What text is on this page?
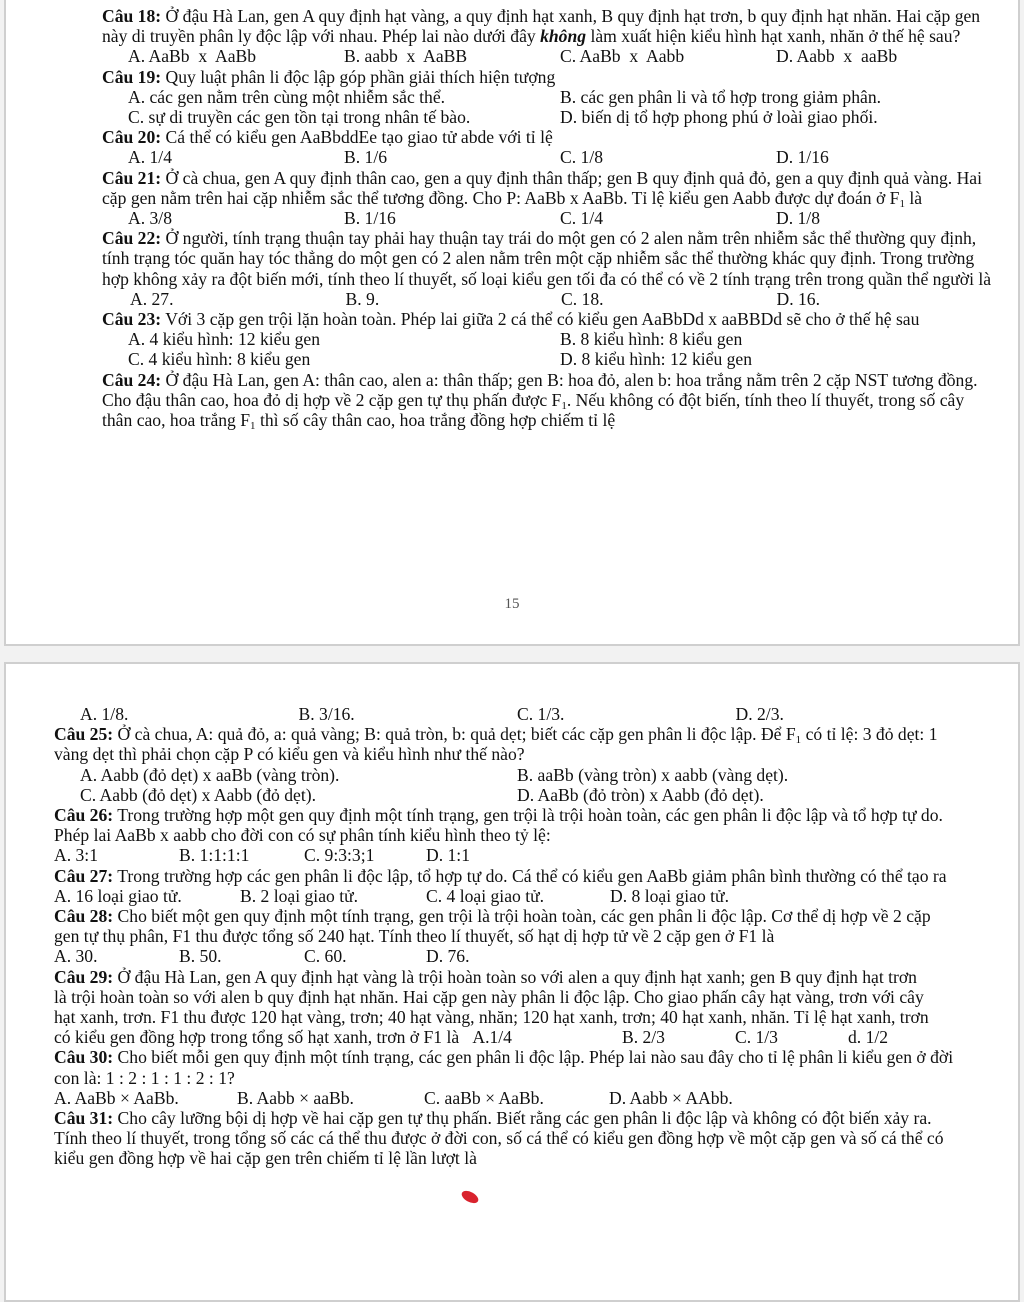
Câu 18: Ở đậu Hà Lan, gen A quy định hạt vàng, a quy định hạt xanh, B quy định hạt trơn, b quy định hạt nhăn. Hai cặp gen này di truyền phân ly độc lập với nhau. Phép lai nào dưới đây không làm xuất hiện kiểu hình hạt xanh, nhăn ở thế hệ sau?

A. AaBb  x  AaBb	B. aabb  x  AaBB	C. AaBb  x  Aabb	D. Aabb  x  aaBb

Câu 19: Quy luật phân li độc lập góp phần giải thích hiện tượng

A. các gen nằm trên cùng một nhiễm sắc thể.	B. các gen phân li và tổ hợp trong giảm phân.
C. sự di truyền các gen tồn tại trong nhân tế bào.	D. biến dị tổ hợp phong phú ở loài giao phối.

Câu 20: Cá thể có kiểu gen AaBbddEe tạo giao tử abde với tỉ lệ

A. 1/4	B. 1/6	C. 1/8	D. 1/16

Câu 21: Ở cà chua, gen A quy định thân cao, gen a quy định thân thấp; gen B quy định quả đỏ, gen a quy định quả vàng. Hai cặp gen nằm trên hai cặp nhiễm sắc thể tương đồng. Cho P: AaBb x AaBb. Tỉ lệ kiểu gen Aabb được dự đoán ở $F_1$ là

A. 3/8	B. 1/16	C. 1/4	D. 1/8

Câu 22: Ở người, tính trạng thuận tay phải hay thuận tay trái do một gen có 2 alen nằm trên nhiễm sắc thể thường quy định, tính trạng tóc quăn hay tóc thẳng do một gen có 2 alen nằm trên một cặp nhiễm sắc thể thường khác quy định. Trong trường hợp không xảy ra đột biến mới, tính theo lí thuyết, số loại kiểu gen tối đa có thể có về 2 tính trạng trên trong quần thể người là

A. 27.	B. 9.	C. 18.	D. 16.

Câu 23: Với 3 cặp gen trội lặn hoàn toàn. Phép lai giữa 2 cá thể có kiểu gen AaBbDd x aaBBDd sẽ cho ở thế hệ sau

A. 4 kiểu hình: 12 kiểu gen	B. 8 kiểu hình: 8 kiểu gen
C. 4 kiểu hình: 8 kiểu gen	D. 8 kiểu hình: 12 kiểu gen

Câu 24: Ở đậu Hà Lan, gen A: thân cao, alen a: thân thấp; gen B: hoa đỏ, alen b: hoa trắng nằm trên 2 cặp NST tương đồng. Cho đậu thân cao, hoa đỏ dị hợp về 2 cặp gen tự thụ phấn được $F_1$. Nếu không có đột biến, tính theo lí thuyết, trong số cây thân cao, hoa trắng $F_1$ thì số cây thân cao, hoa trắng đồng hợp chiếm tỉ lệ

15
A. 1/8.	B. 3/16.	C. 1/3.	D. 2/3.

Câu 25: Ở cà chua, A: quả đỏ, a: quả vàng; B: quả tròn, b: quả dẹt; biết các cặp gen phân li độc lập. Để $F_1$ có tỉ lệ: 3 đỏ dẹt: 1 vàng dẹt thì phải chọn cặp P có kiểu gen và kiểu hình như thế nào?

A. Aabb (đỏ dẹt) x aaBb (vàng tròn).	B. aaBb (vàng tròn) x aabb (vàng dẹt).
C. Aabb (đỏ dẹt) x Aabb (đỏ dẹt).	D. AaBb (đỏ tròn) x Aabb (đỏ dẹt).

Câu 26: Trong trường hợp một gen quy định một tính trạng, gen trội là trội hoàn toàn, các gen phân li độc lập và tổ hợp tự do. Phép lai AaBb x aabb cho đời con có sự phân tính kiểu hình theo tỷ lệ:

A. 3:1	B. 1:1:1:1	C. 9:3:3;1	D. 1:1

Câu 27: Trong trường hợp các gen phân li độc lập, tổ hợp tự do. Cá thể có kiểu gen AaBb giảm phân bình thường có thể tạo ra

A. 16 loại giao tử.	B. 2 loại giao tử.	C. 4 loại giao tử.	D. 8 loại giao tử.

Câu 28: Cho biết một gen quy định một tính trạng, gen trội là trội hoàn toàn, các gen phân li độc lập. Cơ thể dị hợp về 2 cặp gen tự thụ phân, F1 thu được tổng số 240 hạt. Tính theo lí thuyết, số hạt dị hợp tử về 2 cặp gen ở F1 là

A. 30.	B. 50.	C. 60.	D. 76.

Câu 29: Ở đậu Hà Lan, gen A quy định hạt vàng là trội hoàn toàn so với alen a quy định hạt xanh; gen B quy định hạt trơn là trội hoàn toàn so với alen b quy định hạt nhăn. Hai cặp gen này phân li độc lập. Cho giao phấn cây hạt vàng, trơn với cây hạt xanh, trơn. F1 thu được 120 hạt vàng, trơn; 40 hạt vàng, nhăn; 120 hạt xanh, trơn; 40 hạt xanh, nhăn. Tỉ lệ hạt xanh, trơn có kiểu gen đồng hợp trong tổng số hạt xanh, trơn ở F1 là A.1/4	B. 2/3	C. 1/3	d. 1/2

Câu 30: Cho biết mỗi gen quy định một tính trạng, các gen phân li độc lập. Phép lai nào sau đây cho tỉ lệ phân li kiểu gen ở đời con là: 1 : 2 : 1 : 1 : 2 : 1?

A. AaBb × AaBb.	B. Aabb × aaBb.	C. aaBb × AaBb.	D. Aabb × AAbb.

Câu 31: Cho cây lưỡng bội dị hợp về hai cặp gen tự thụ phấn. Biết rằng các gen phân li độc lập và không có đột biến xảy ra. Tính theo lí thuyết, trong tổng số các cá thể thu được ở đời con, số cá thể có kiểu gen đồng hợp về một cặp gen và số cá thể có kiểu gen đồng hợp về hai cặp gen trên chiếm tỉ lệ lần lượt là
